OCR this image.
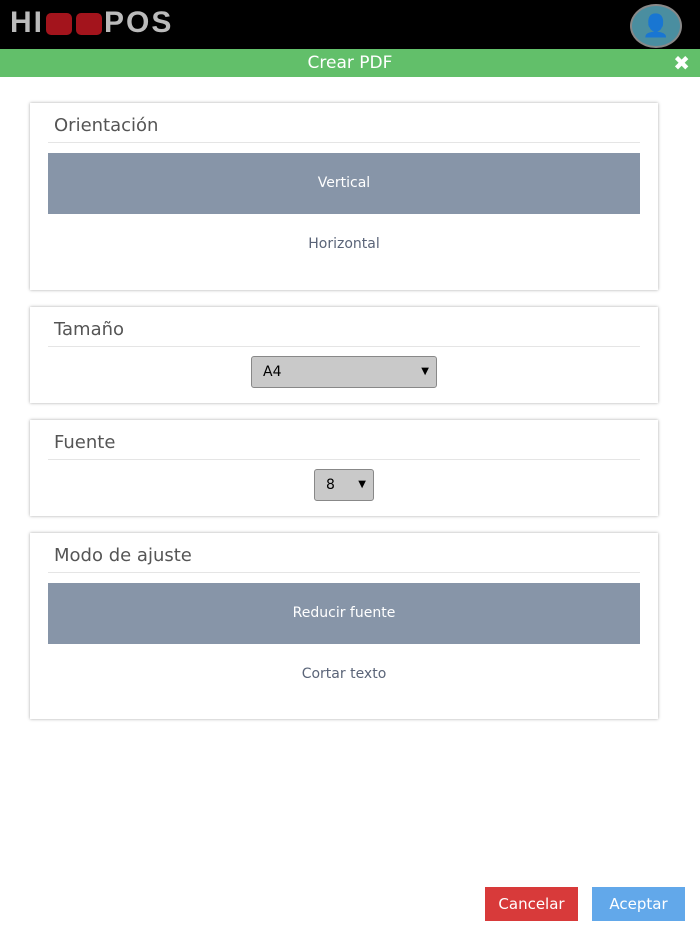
HI POS	👤
Crear PDF	✖
Orientación
Vertical
Horizontal
Tamaño
A4	▼
Fuente
8 ▼
Modo de ajuste
Reducir fuente
Cortar texto
Cancelar	Aceptar
